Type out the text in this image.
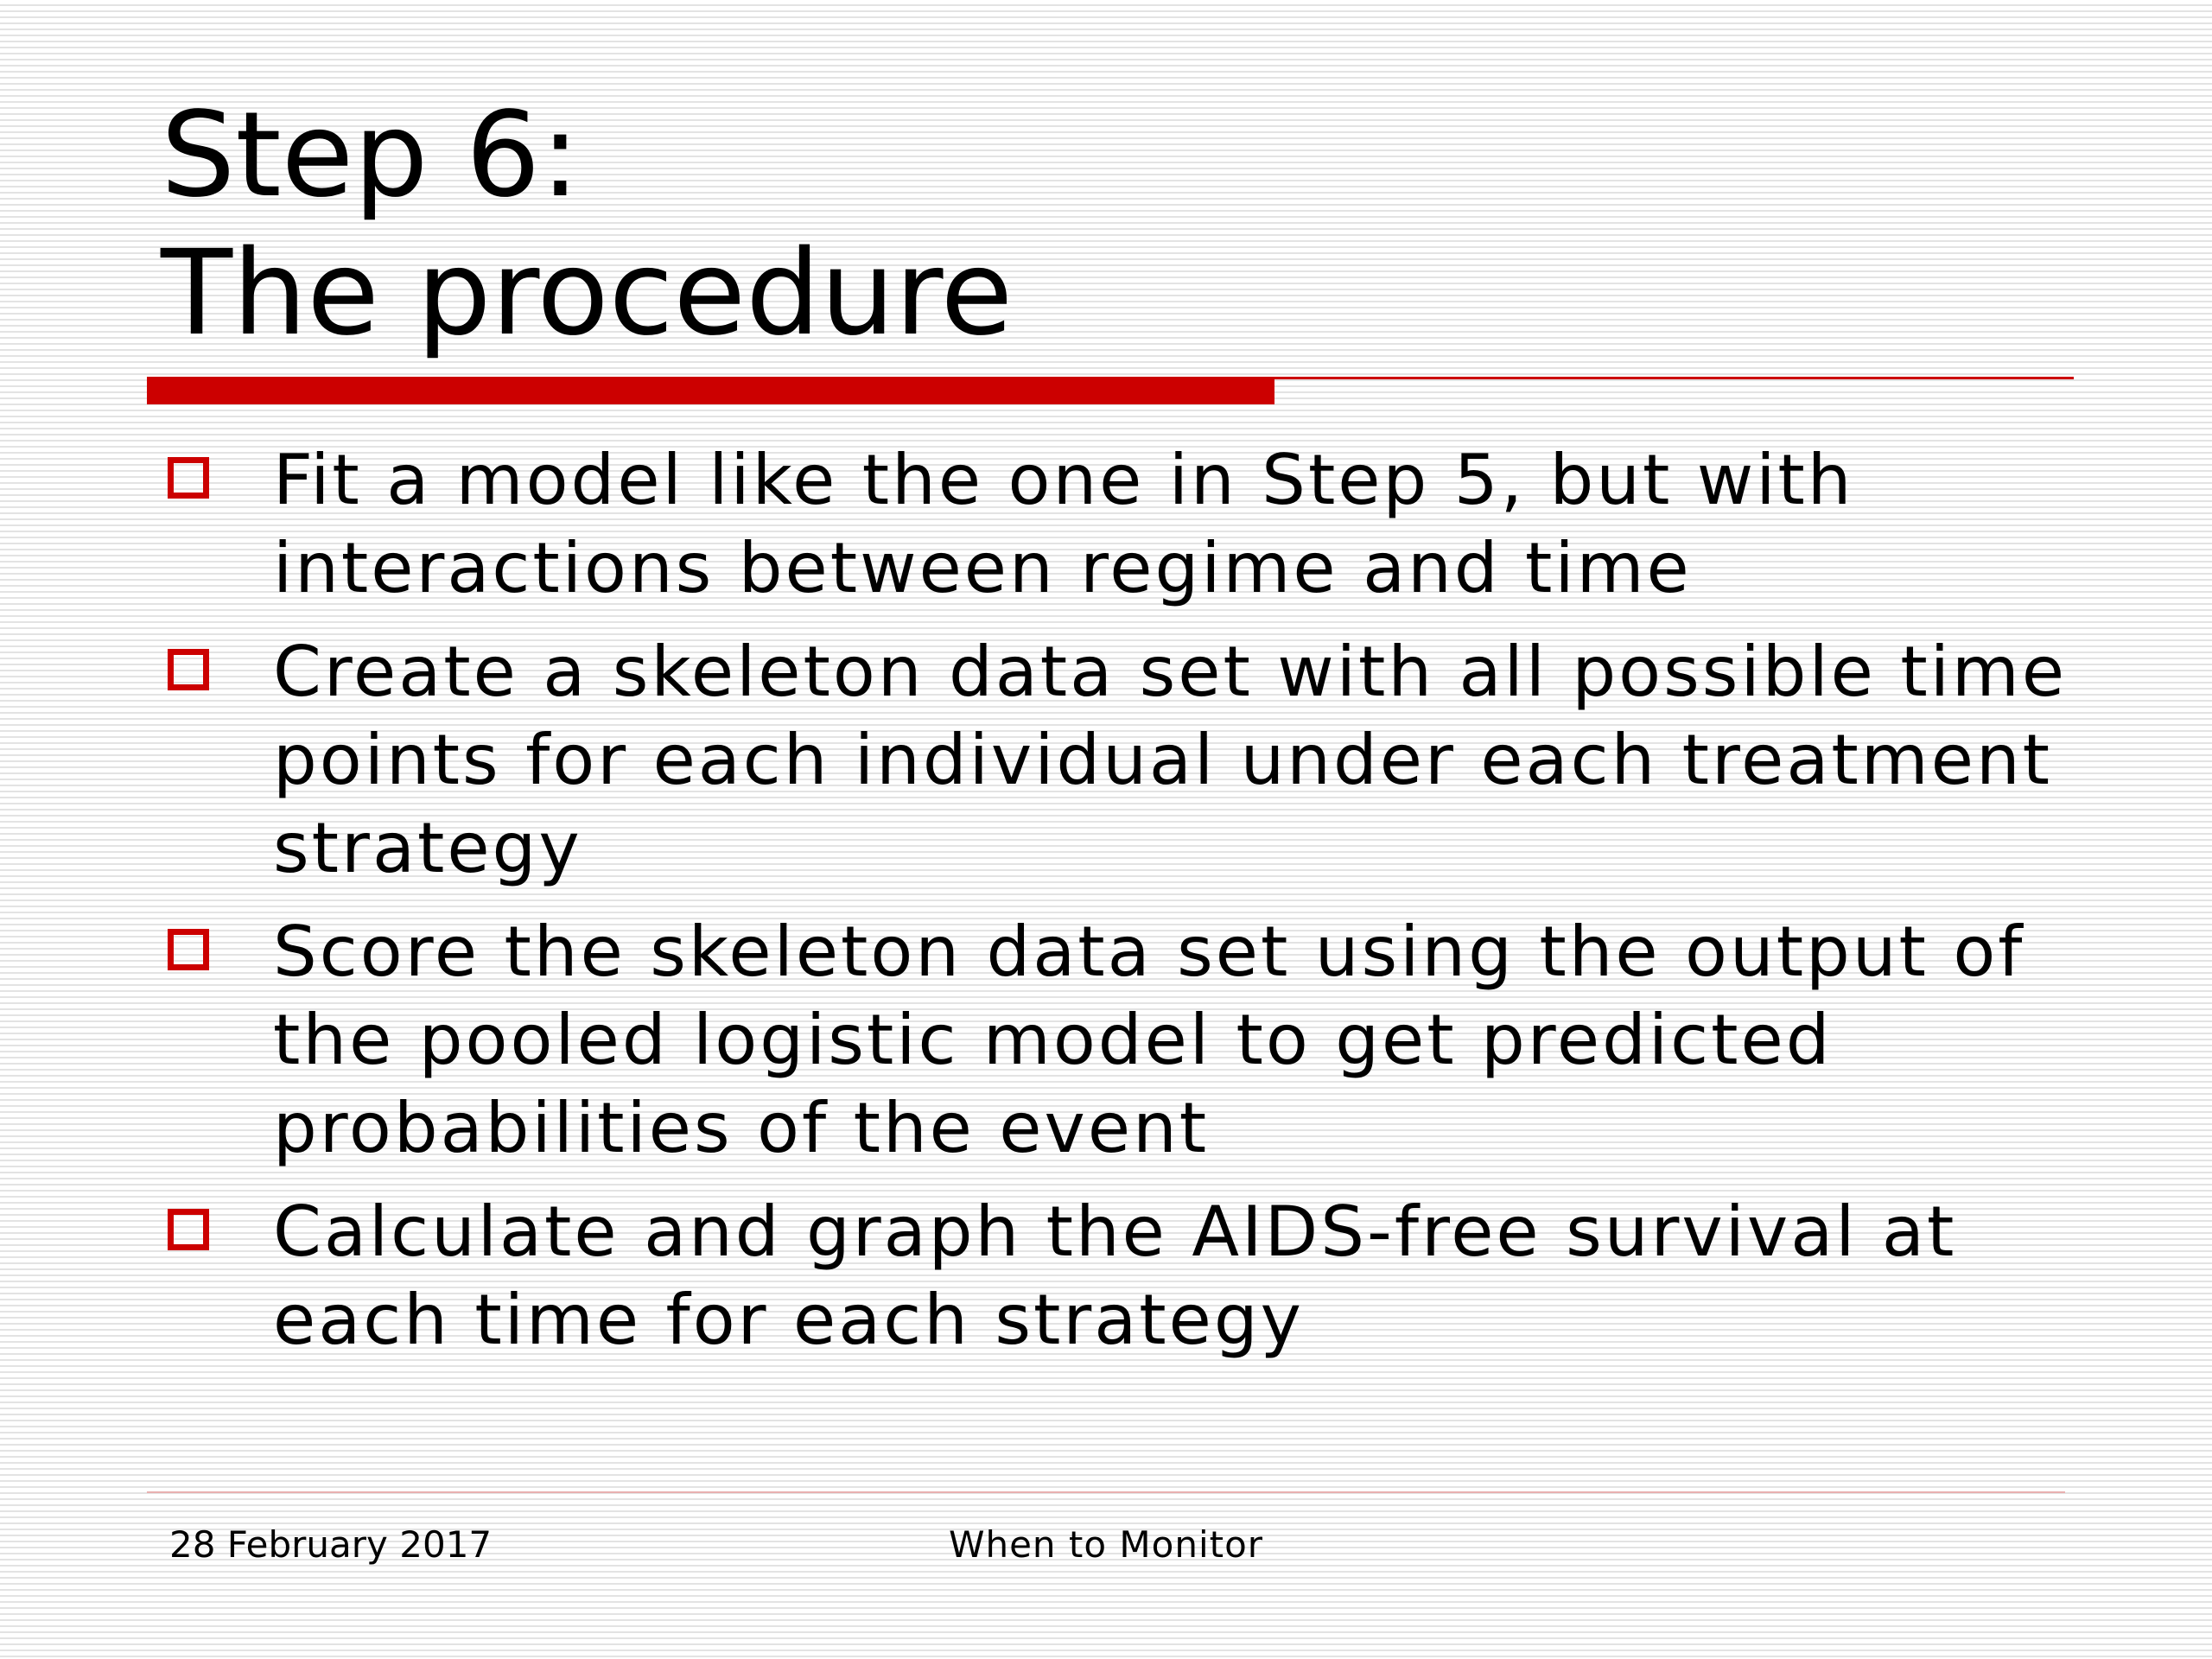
Step 6:
The procedure
Fit a model like the one in Step 5, but with interactions between regime and time
Create a skeleton data set with all possible time points for each individual under each treatment strategy
Score the skeleton data set using the output of the pooled logistic model to get predicted probabilities of the event
Calculate and graph the AIDS-free survival at each time for each strategy
28 February 2017	When to Monitor
